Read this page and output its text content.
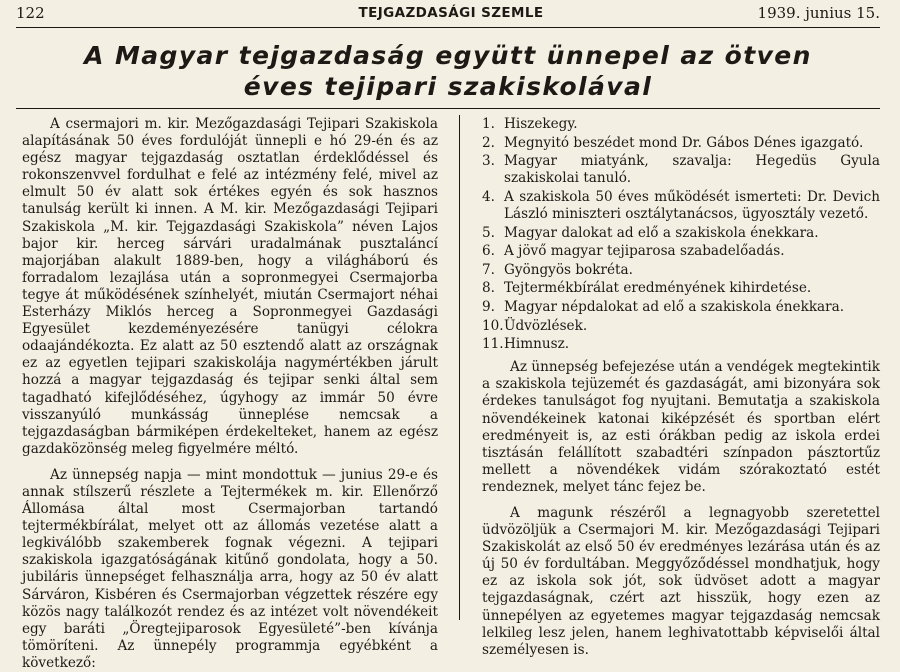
122	TEJGAZDASÁGI SZEMLE	1939. junius 15.
A Magyar tejgazdaság együtt ünnepel az ötven
éves tejipari szakiskolával

A csermajori m. kir. Mezőgazdasági Tejipari Szakiskola alapításának 50 éves fordulóját ünnepli e hó 29-én és az egész magyar tejgazdaság osztatlan érdeklődéssel és rokonszenvvel fordulhat e felé az intézmény felé, mivel az elmult 50 év alatt sok értékes egyén és sok hasznos tanulság került ki innen. A M. kir. Mezőgazdasági Tejipari Szakiskola „M. kir. Tejgazdasági Szakiskola” néven Lajos bajor kir. herceg sárvári uradalmának pusztaláncí majorjában alakult 1889-ben, hogy a világháború és forradalom lezajlása után a sopronmegyei Csermajorba tegye át működésének színhelyét, miután Csermajort néhai Esterházy Miklós herceg a Sopronmegyei Gazdasági Egyesület kezdeményezésére tanügyi célokra odaajándékozta. Ez alatt az 50 esztendő alatt az országnak ez az egyetlen tejipari szakiskolája nagymértékben járult hozzá a magyar tejgazdaság és tejipar senki által sem tagadható kifejlődéséhez, úgyhogy az immár 50 évre visszanyúló munkásság ünneplése nemcsak a tejgazdaságban bármiképen érdekelteket, hanem az egész gazdaközönség meleg figyelmére méltó.

Az ünnepség napja — mint mondottuk — junius 29-e és annak stílszerű részlete a Tejtermékek m. kir. Ellenőrző Állomása által most Csermajorban tartandó tejtermékbírálat, melyet ott az állomás vezetése alatt a legkiválóbb szakemberek fognak végezni. A tejipari szakiskola igazgatóságának kitűnő gondolata, hogy a 50. jubiláris ünnepséget felhasználja arra, hogy az 50 év alatt Sárváron, Kisbéren és Csermajorban végzettek részére egy közös nagy találkozót rendez és az intézet volt növendékeit egy baráti „Öregtejiparosok Egyesületé”-ben kívánja tömöríteni. Az ünnepély programmja egyébként a következő:

1. Hiszekegy.
2. Megnyitó beszédet mond Dr. Gábos Dénes igazgató.
3. Magyar miatyánk, szavalja: Hegedüs Gyula szakiskolai tanuló.
4. A szakiskola 50 éves működését ismerteti: Dr. Devich László miniszteri osztálytanácsos, ügyosztály vezető.
5. Magyar dalokat ad elő a szakiskola énekkara.
6. A jövő magyar tejiparosa szabadelőadás.
7. Gyöngyös bokréta.
8. Tejtermékbírálat eredményének kihirdetése.
9. Magyar népdalokat ad elő a szakiskola énekkara.
10. Üdvözlések.
11. Himnusz.

Az ünnepség befejezése után a vendégek megtekintik a szakiskola tejüzemét és gazdaságát, ami bizonyára sok érdekes tanulságot fog nyujtani. Bemutatja a szakiskola növendékeinek katonai kiképzését és sportban elért eredményeit is, az esti órákban pedig az iskola erdei tisztásán felállított szabadtéri színpadon pásztortűz mellett a növendékek vidám szórakoztató estét rendeznek, melyet tánc fejez be.

A magunk részéről a legnagyobb szeretettel üdvözöljük a Csermajori M. kir. Mezőgazdasági Tejipari Szakiskolát az első 50 év eredményes lezárása után és az új 50 év fordultában. Meggyőződéssel mondhatjuk, hogy ez az iskola sok jót, sok üdvöset adott a magyar tejgazdaságnak, czért azt hisszük, hogy ezen az ünnepélyen az egyetemes magyar tejgazdaság nemcsak lelkileg lesz jelen, hanem leghivatottabb képviselői által személyesen is.
